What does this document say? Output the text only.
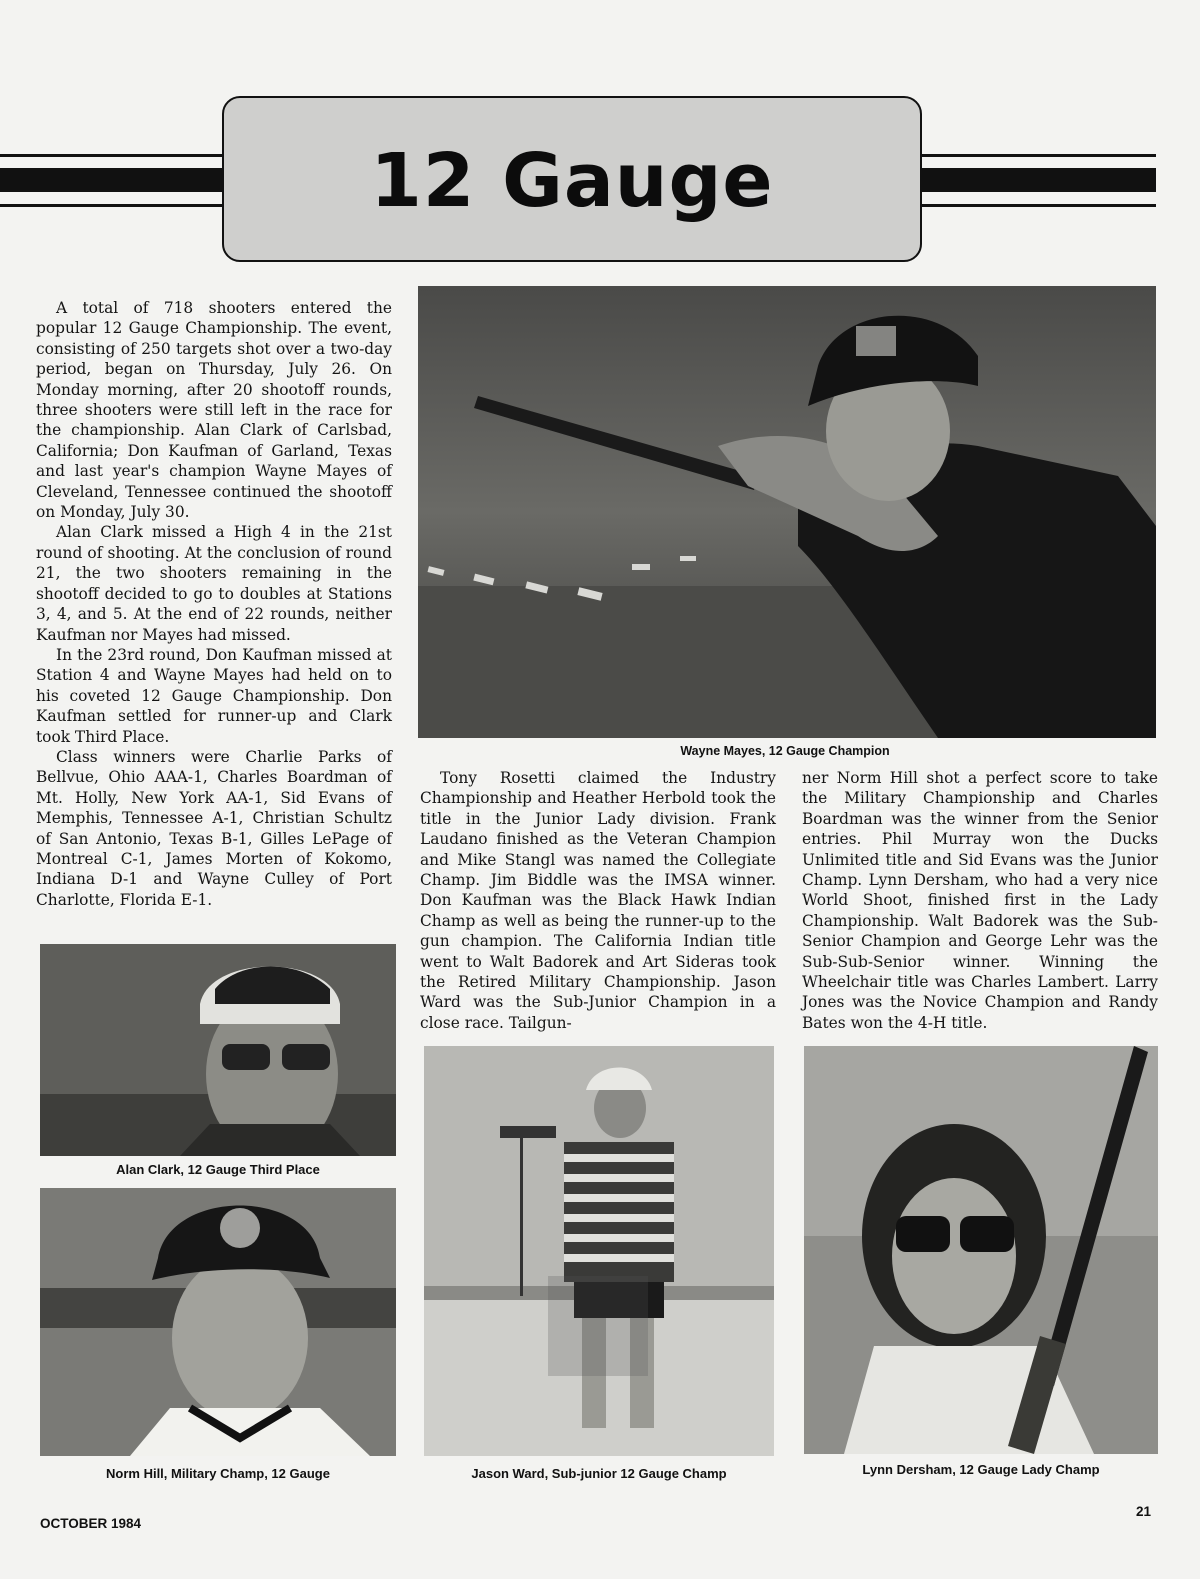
12 Gauge

A total of 718 shooters entered the popular 12 Gauge Championship. The event, consisting of 250 targets shot over a two-day period, began on Thursday, July 26. On Monday morning, after 20 shootoff rounds, three shooters were still left in the race for the championship. Alan Clark of Carlsbad, California; Don Kaufman of Garland, Texas and last year's champion Wayne Mayes of Cleveland, Tennessee continued the shootoff on Monday, July 30.

Alan Clark missed a High 4 in the 21st round of shooting. At the conclusion of round 21, the two shooters remaining in the shootoff decided to go to doubles at Stations 3, 4, and 5. At the end of 22 rounds, neither Kaufman nor Mayes had missed.

In the 23rd round, Don Kaufman missed at Station 4 and Wayne Mayes had held on to his coveted 12 Gauge Championship. Don Kaufman settled for runner-up and Clark took Third Place.

Class winners were Charlie Parks of Bellvue, Ohio AAA-1, Charles Boardman of Mt. Holly, New York AA-1, Sid Evans of Memphis, Tennessee A-1, Christian Schultz of San Antonio, Texas B-1, Gilles LePage of Montreal C-1, James Morten of Kokomo, Indiana D-1 and Wayne Culley of Port Charlotte, Florida E-1.

Wayne Mayes, 12 Gauge Champion

Tony Rosetti claimed the Industry Championship and Heather Herbold took the title in the Junior Lady division. Frank Laudano finished as the Veteran Champion and Mike Stangl was named the Collegiate Champ. Jim Biddle was the IMSA winner. Don Kaufman was the Black Hawk Indian Champ as well as being the runner-up to the gun champion. The California Indian title went to Walt Badorek and Art Sideras took the Retired Military Championship. Jason Ward was the Sub-Junior Champion in a close race. Tailgun-

ner Norm Hill shot a perfect score to take the Military Championship and Charles Boardman was the winner from the Senior entries. Phil Murray won the Ducks Unlimited title and Sid Evans was the Junior Champ. Lynn Dersham, who had a very nice World Shoot, finished first in the Lady Championship. Walt Badorek was the Sub-Senior Champion and George Lehr was the Sub-Sub-Senior winner. Winning the Wheelchair title was Charles Lambert. Larry Jones was the Novice Champion and Randy Bates won the 4-H title.

Alan Clark, 12 Gauge Third Place
Norm Hill, Military Champ, 12 Gauge	Jason Ward, Sub-junior 12 Gauge Champ	Lynn Dersham, 12 Gauge Lady Champ
OCTOBER 1984
21
